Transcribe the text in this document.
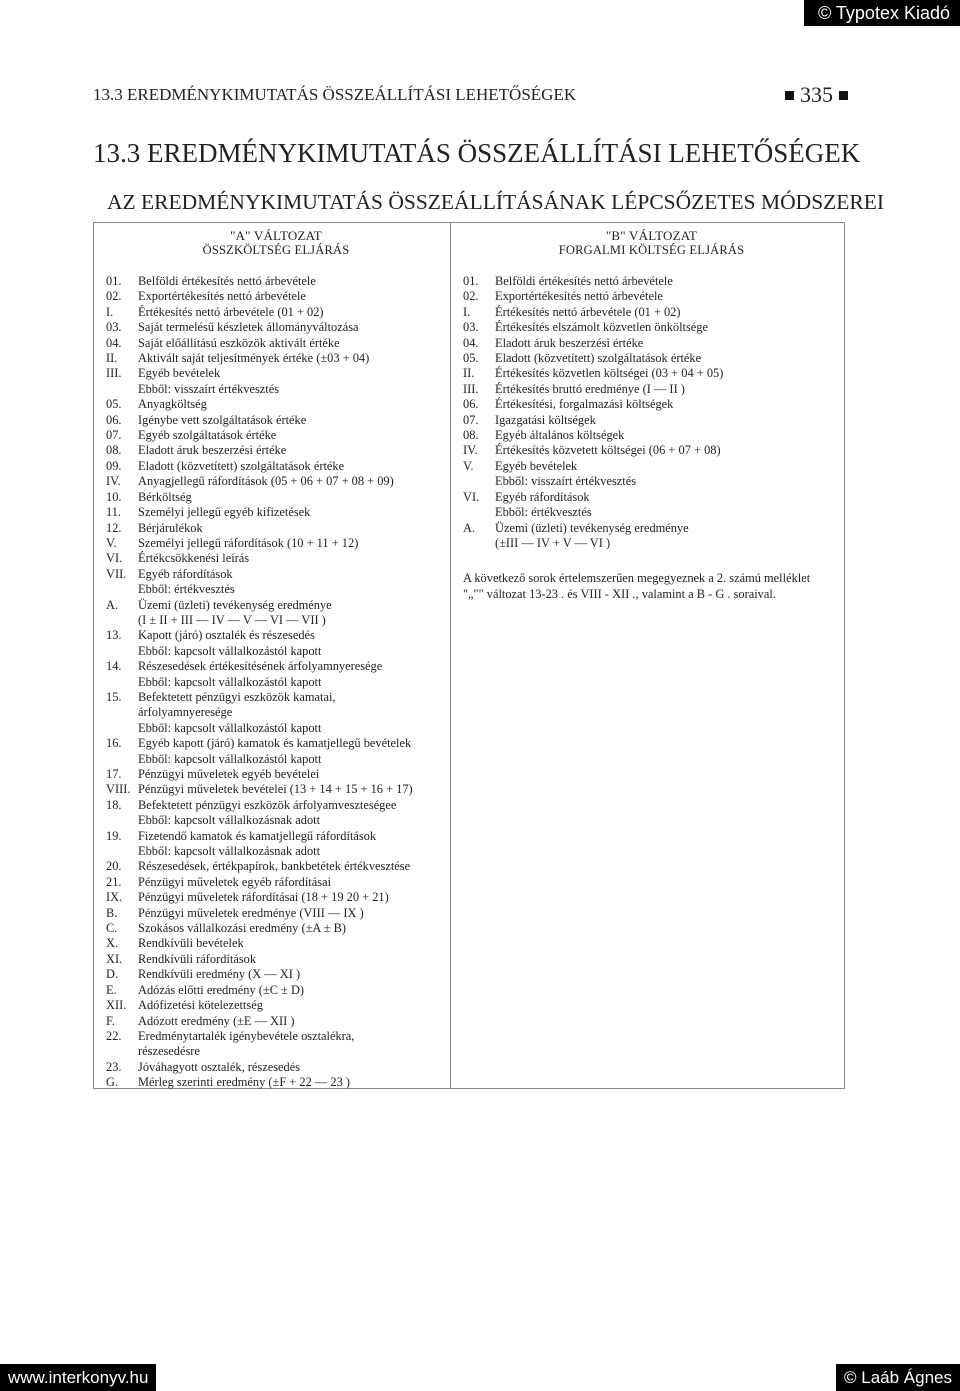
© Typotex Kiadó
13.3 EREDMÉNYKIMUTATÁS ÖSSZEÁLLÍTÁSI LEHETŐSÉGEK	335
13.3 EREDMÉNYKIMUTATÁS ÖSSZEÁLLÍTÁSI LEHETŐSÉGEK
AZ EREDMÉNYKIMUTATÁS ÖSSZEÁLLÍTÁSÁNAK LÉPCSŐZETES MÓDSZEREI
"A" VÁLTOZAT
ÖSSZKÖLTSÉG ELJÁRÁS
01.	Belföldi értékesítés nettó árbevétele
02.	Exportértékesítés nettó árbevétele
I.	Értékesítés nettó árbevétele (01 + 02)
03.	Saját termelésű készletek állományváltozása
04.	Saját előállítású eszközök aktivált értéke
II.	Aktivált saját teljesítmények értéke (±03 + 04)
III.	Egyéb bevételek
Ebből: visszaírt értékvesztés
05.	Anyagköltség
06.	Igénybe vett szolgáltatások értéke
07.	Egyéb szolgáltatások értéke
08.	Eladott áruk beszerzési értéke
09.	Eladott (közvetített) szolgáltatások értéke
IV.	Anyagjellegű ráfordítások (05 + 06 + 07 + 08 + 09)
10.	Bérköltség
11.	Személyi jellegű egyéb kifizetések
12.	Bérjárulékok
V.	Személyi jellegű ráfordítások (10 + 11 + 12)
VI.	Értékcsökkenési leírás
VII. Egyéb ráfordítások
Ebből: értékvesztés
A.	Üzemi (üzleti) tevékenység eredménye
(I ± II + III — IV — V — VI — VII )
13.	Kapott (járó) osztalék és részesedés
Ebből: kapcsolt vállalkozástól kapott
14.	Részesedések értékesítésének árfolyamnyeresége
Ebből: kapcsolt vállalkozástól kapott
15.	Befektetett pénzügyi eszközök kamatai,
árfolyamnyeresége
Ebből: kapcsolt vállalkozástól kapott
16.	Egyéb kapott (járó) kamatok és kamatjellegű bevételek
Ebből: kapcsolt vállalkozástól kapott
17.	Pénzügyi műveletek egyéb bevételei
VIII. Pénzügyi műveletek bevételei (13 + 14 + 15 + 16 + 17)
18.	Befektetett pénzügyi eszközök árfolyamveszteségee
Ebből: kapcsolt vállalkozásnak adott
19.	Fizetendő kamatok és kamatjellegű ráfordítások
Ebből: kapcsolt vállalkozásnak adott
20.	Részesedések, értékpapírok, bankbetétek értékvesztése
21.	Pénzügyi műveletek egyéb ráfordításai
IX.	Pénzügyi műveletek ráfordításai (18 + 19 20 + 21)
B.	Pénzügyi műveletek eredménye (VIII — IX )
C.	Szokásos vállalkozási eredmény (±A ± B)
X.	Rendkívüli bevételek
XI.	Rendkívüli ráfordítások
D.	Rendkívüli eredmény (X — XI )
E.	Adózás előtti eredmény (±C ± D)
XII. Adófizetési kötelezettség
F.	Adózott eredmény (±E — XII )
22.	Eredménytartalék igénybevétele osztalékra,
részesedésre
23.	Jóváhagyott osztalék, részesedés
G.	Mérleg szerinti eredmény (±F + 22 — 23 )
"B" VÁLTOZAT
FORGALMI KÖLTSÉG ELJÁRÁS
01.	Belföldi értékesítés nettó árbevétele
02.	Exportértékesítés nettó árbevétele
I.	Értékesítés nettó árbevétele (01 + 02)
03.	Értékesítés elszámolt közvetlen önköltsége
04.	Eladott áruk beszerzési értéke
05.	Eladott (közvetített) szolgáltatások értéke
II.	Értékesítés közvetlen költségei (03 + 04 + 05)
III.	Értékesítés bruttó eredménye (I — II )
06.	Értékesítési, forgalmazási költségek
07.	Igazgatási költségek
08.	Egyéb általános költségek
IV.	Értékesítés közvetett költségei (06 + 07 + 08)
V.	Egyéb bevételek
Ebből: visszaírt értékvesztés
VI.	Egyéb ráfordítások
Ebből: értékvesztés
A.	Üzemi (üzleti) tevékenység eredménye
(±III — IV + V — VI )
A következő sorok értelemszerűen megegyeznek a 2. számú melléklet "„"" változat 13-23 . és VIII - XII ., valamint a B - G . soraival.
www.interkonyv.hu	© Laáb Ágnes
